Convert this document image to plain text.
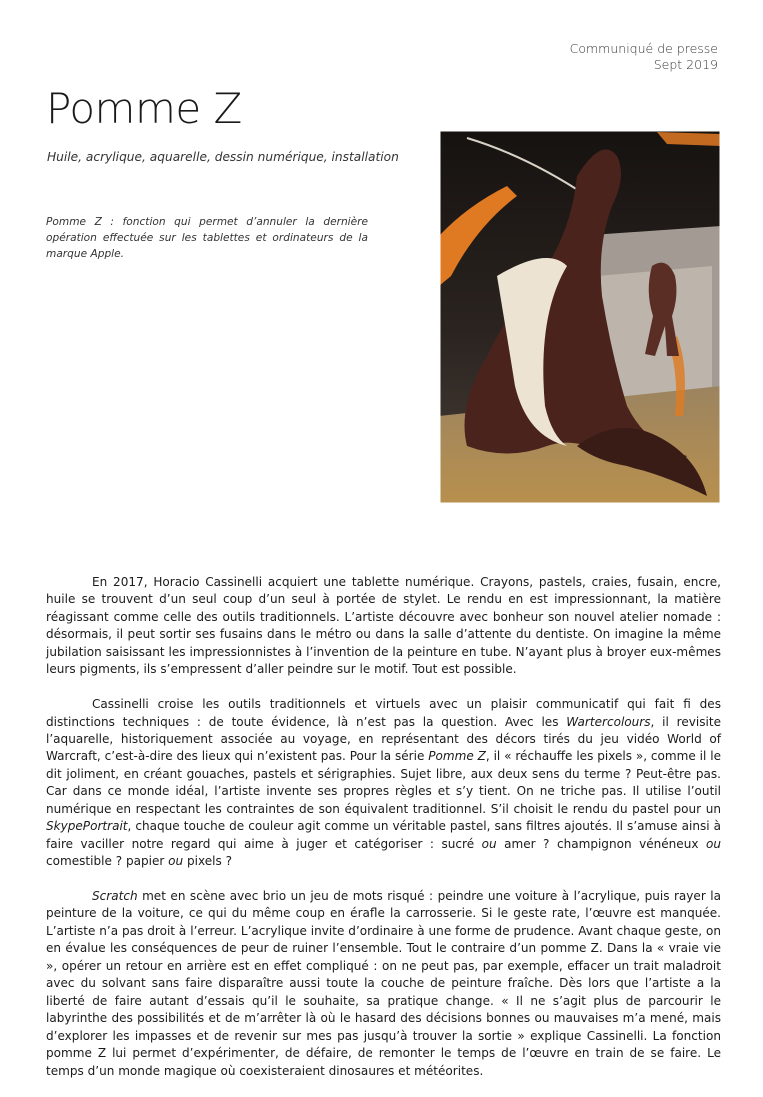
Communiqué de presse
Sept 2019
Pomme Z
Huile, acrylique, aquarelle, dessin numérique, installation
Pomme Z : fonction qui permet d’annuler la dernière opération effectuée sur les tablettes et ordinateurs de la marque Apple.

En 2017, Horacio Cassinelli acquiert une tablette numérique. Crayons, pastels, craies, fusain, encre, huile se trouvent d’un seul coup d’un seul à portée de stylet. Le rendu en est impressionnant, la matière réagissant comme celle des outils traditionnels. L’artiste découvre avec bonheur son nouvel atelier nomade : désormais, il peut sortir ses fusains dans le métro ou dans la salle d’attente du dentiste. On imagine la même jubilation saisissant les impressionnistes à l’invention de la peinture en tube. N’ayant plus à broyer eux-mêmes leurs pigments, ils s’empressent d’aller peindre sur le motif. Tout est possible.

Cassinelli croise les outils traditionnels et virtuels avec un plaisir communicatif qui fait fi des distinctions techniques : de toute évidence, là n’est pas la question. Avec les Wartercolours, il revisite l’aquarelle, historiquement associée au voyage, en représentant des décors tirés du jeu vidéo World of Warcraft, c’est-à-dire des lieux qui n’existent pas. Pour la série Pomme Z, il « réchauffe les pixels », comme il le dit joliment, en créant gouaches, pastels et sérigraphies. Sujet libre, aux deux sens du terme ? Peut-être pas. Car dans ce monde idéal, l’artiste invente ses propres règles et s’y tient. On ne triche pas. Il utilise l’outil numérique en respectant les contraintes de son équivalent traditionnel. S’il choisit le rendu du pastel pour un SkypePortrait, chaque touche de couleur agit comme un véritable pastel, sans filtres ajoutés. Il s’amuse ainsi à faire vaciller notre regard qui aime à juger et catégoriser : sucré ou amer ? champignon vénéneux ou comestible ? papier ou pixels ?

Scratch met en scène avec brio un jeu de mots risqué : peindre une voiture à l’acrylique, puis rayer la peinture de la voiture, ce qui du même coup en éraﬂe la carrosserie. Si le geste rate, l’œuvre est manquée. L’artiste n’a pas droit à l’erreur. L’acrylique invite d’ordinaire à une forme de prudence. Avant chaque geste, on en évalue les conséquences de peur de ruiner l’ensemble. Tout le contraire d’un pomme Z. Dans la « vraie vie », opérer un retour en arrière est en effet compliqué : on ne peut pas, par exemple, effacer un trait maladroit avec du solvant sans faire disparaître aussi toute la couche de peinture fraîche. Dès lors que l’artiste a la liberté de faire autant d’essais qu’il le souhaite, sa pratique change. « Il ne s’agit plus de parcourir le labyrinthe des possibilités et de m’arrêter là où le hasard des décisions bonnes ou mauvaises m’a mené, mais d’explorer les impasses et de revenir sur mes pas jusqu’à trouver la sortie » explique Cassinelli. La fonction pomme Z lui permet d’expérimenter, de défaire, de remonter le temps de l’œuvre en train de se faire. Le temps d’un monde magique où coexisteraient dinosaures et météorites.
